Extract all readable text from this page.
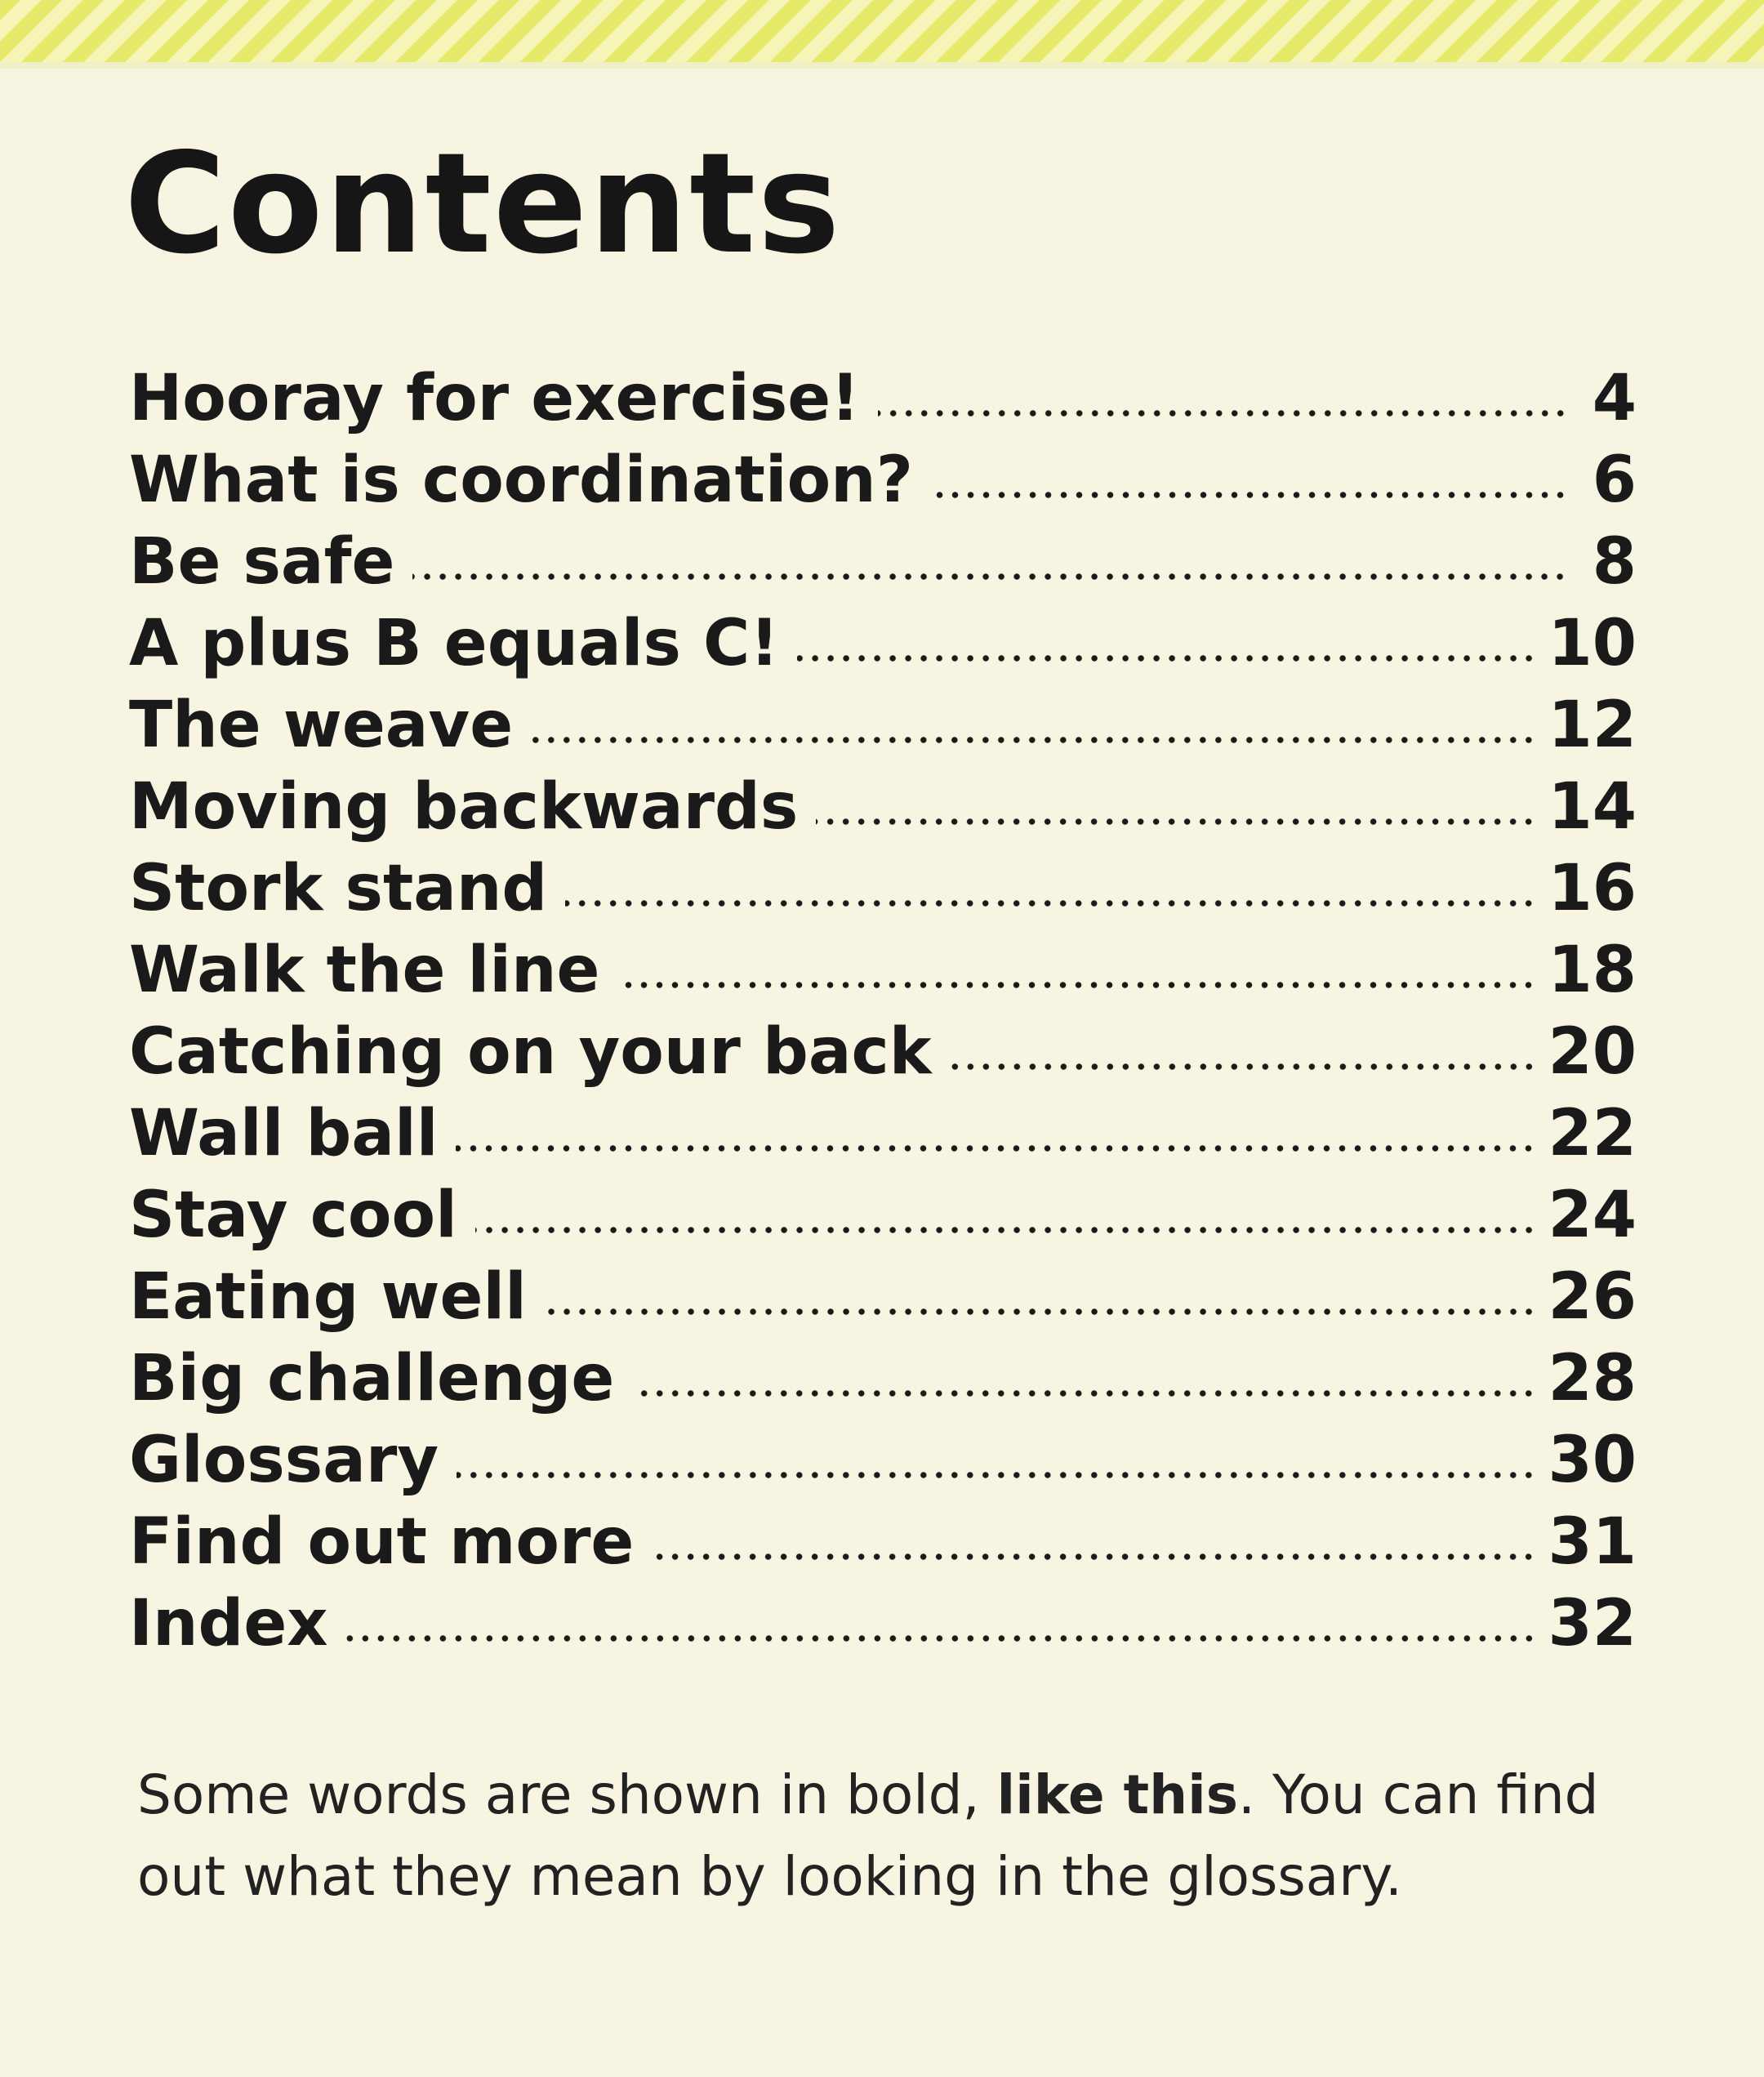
Contents
Hooray for exercise!	4
What is coordination?	6
Be safe	8
A plus B equals C!	10
The weave	12
Moving backwards	14
Stork stand	16
Walk the line	18
Catching on your back	20
Wall ball	22
Stay cool	24
Eating well	26
Big challenge	28
Glossary	30
Find out more	31
Index	32

Some words are shown in bold, like this. You can find out what they mean by looking in the glossary.
